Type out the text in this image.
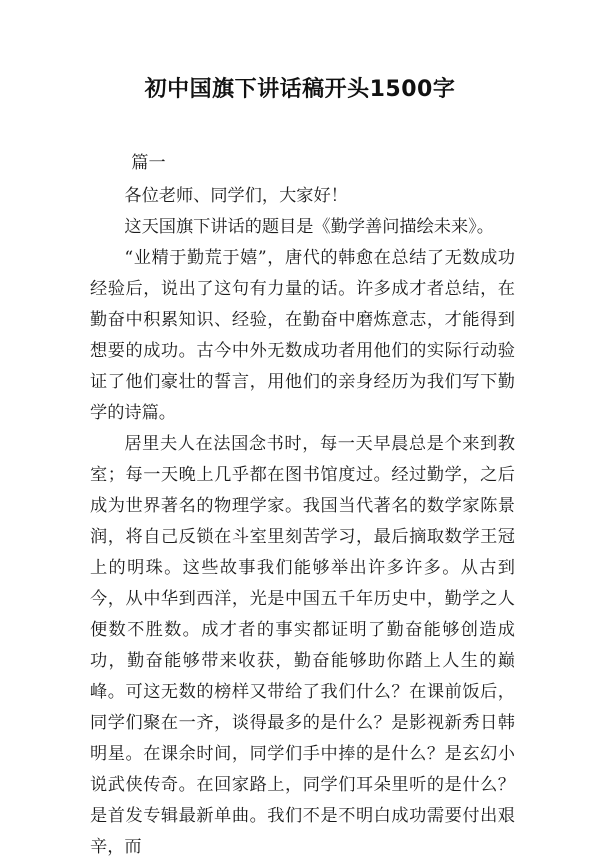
初中国旗下讲话稿开头1500字

篇一

各位老师、同学们，大家好！

这天国旗下讲话的题目是《勤学善问描绘未来》。

“业精于勤荒于嬉”，唐代的韩愈在总结了无数成功经验后，说出了这句有力量的话。许多成才者总结，在勤奋中积累知识、经验，在勤奋中磨炼意志，才能得到想要的成功。古今中外无数成功者用他们的实际行动验证了他们豪壮的誓言，用他们的亲身经历为我们写下勤学的诗篇。

居里夫人在法国念书时，每一天早晨总是个来到教室；每一天晚上几乎都在图书馆度过。经过勤学，之后成为世界著名的物理学家。我国当代著名的数学家陈景润，将自己反锁在斗室里刻苦学习，最后摘取数学王冠上的明珠。这些故事我们能够举出许多许多。从古到今，从中华到西洋，光是中国五千年历史中，勤学之人便数不胜数。成才者的事实都证明了勤奋能够创造成功，勤奋能够带来收获，勤奋能够助你踏上人生的巅峰。可这无数的榜样又带给了我们什么？在课前饭后，同学们聚在一齐，谈得最多的是什么？是影视新秀日韩明星。在课余时间，同学们手中捧的是什么？是玄幻小说武侠传奇。在回家路上，同学们耳朵里听的是什么？是首发专辑最新单曲。我们不是不明白成功需要付出艰辛，而
